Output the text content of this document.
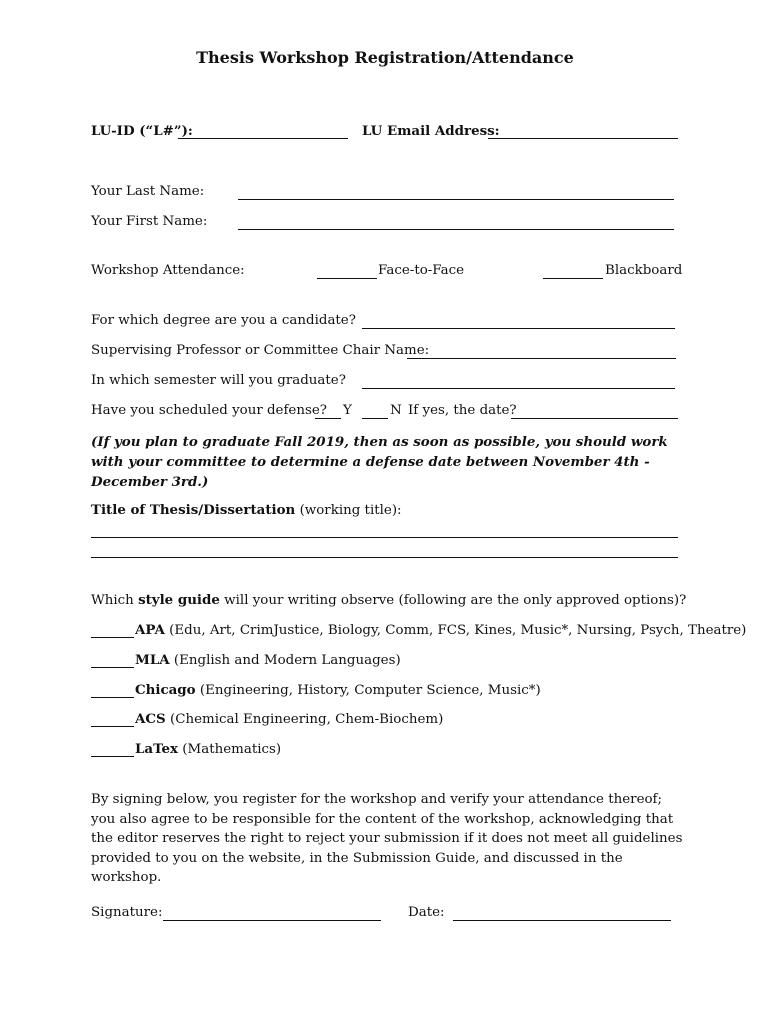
Thesis Workshop Registration/Attendance
LU-ID (“L#”):	LU Email Address:
Your Last Name:
Your First Name:
Workshop Attendance:	Face-to-Face	Blackboard
For which degree are you a candidate?
Supervising Professor or Committee Chair Name:
In which semester will you graduate?
Have you scheduled your defense? Y	N If yes, the date?
(If you plan to graduate Fall 2019, then as soon as possible, you should work with your committee to determine a defense date between November 4th - December 3rd.)
Title of Thesis/Dissertation (working title):
Which style guide will your writing observe (following are the only approved options)?
APA (Edu, Art, CrimJustice, Biology, Comm, FCS, Kines, Music*, Nursing, Psych, Theatre)
MLA (English and Modern Languages)
Chicago (Engineering, History, Computer Science, Music*)
ACS (Chemical Engineering, Chem-Biochem)
LaTex (Mathematics)
By signing below, you register for the workshop and verify your attendance thereof; you also agree to be responsible for the content of the workshop, acknowledging that the editor reserves the right to reject your submission if it does not meet all guidelines provided to you on the website, in the Submission Guide, and discussed in the workshop.
Signature:	Date:
